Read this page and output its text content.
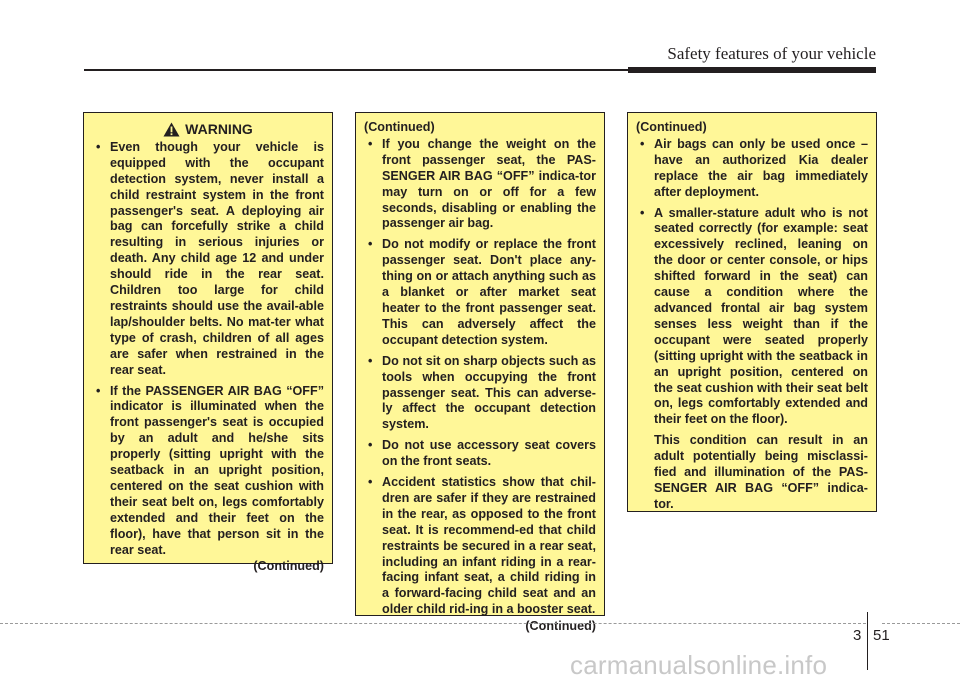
Safety features of your vehicle
WARNING
• Even though your vehicle is equipped with the occupant detection system, never install a child restraint system in the front passenger's seat. A deploying air bag can forcefully strike a child resulting in serious injuries or death. Any child age 12 and under should ride in the rear seat. Children too large for child restraints should use the avail-able lap/shoulder belts. No mat-ter what type of crash, children of all ages are safer when restrained in the rear seat.
• If the PASSENGER AIR BAG “OFF” indicator is illuminated when the front passenger's seat is occupied by an adult and he/she sits properly (sitting upright with the seatback in an upright position, centered on the seat cushion with their seat belt on, legs comfortably extended and their feet on the floor), have that person sit in the rear seat.
(Continued)
(Continued)
• If you change the weight on the front passenger seat, the PAS-SENGER AIR BAG “OFF” indica-tor may turn on or off for a few seconds, disabling or enabling the passenger air bag.
• Do not modify or replace the front passenger seat. Don't place any-thing on or attach anything such as a blanket or after market seat heater to the front passenger seat. This can adversely affect the occupant detection system.
• Do not sit on sharp objects such as tools when occupying the front passenger seat. This can adverse-ly affect the occupant detection system.
• Do not use accessory seat covers on the front seats.
• Accident statistics show that chil-dren are safer if they are restrained in the rear, as opposed to the front seat. It is recommend-ed that child restraints be secured in a rear seat, including an infant riding in a rear-facing infant seat, a child riding in a forward-facing child seat and an older child rid-ing in a booster seat.
(Continued)
(Continued)
• Air bags can only be used once – have an authorized Kia dealer replace the air bag immediately after deployment.
• A smaller-stature adult who is not seated correctly (for example: seat excessively reclined, leaning on the door or center console, or hips shifted forward in the seat) can cause a condition where the advanced frontal air bag system senses less weight than if the occupant were seated properly (sitting upright with the seatback in an upright position, centered on the seat cushion with their seat belt on, legs comfortably extended and their feet on the floor).
This condition can result in an adult potentially being misclassi-fied and illumination of the PAS-SENGER AIR BAG “OFF” indica-tor.
3 51
carmanualsonline.info
